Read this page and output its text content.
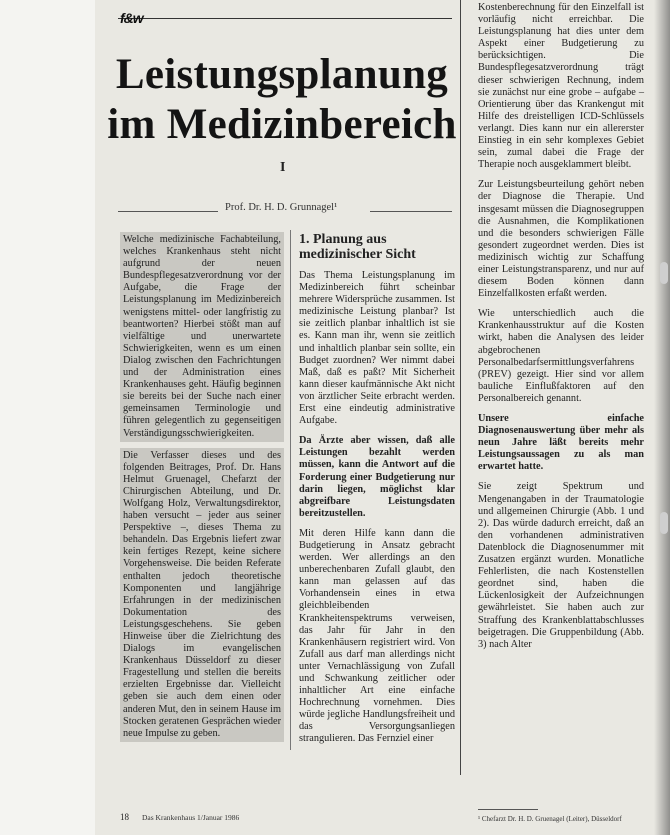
f&w
Leistungsplanung
im Medizinbereich
I
Prof. Dr. H. D. Grunnagel¹

Welche medizinische Fachabteilung, welches Krankenhaus steht nicht aufgrund der neuen Bundespflegesatzverordnung vor der Aufgabe, die Frage der Leistungsplanung im Medizinbereich wenigstens mittel- oder langfristig zu beantworten? Hierbei stößt man auf vielfältige und unerwartete Schwierigkeiten, wenn es um einen Dialog zwischen den Fachrichtungen und der Administration eines Krankenhauses geht. Häufig beginnen sie bereits bei der Suche nach einer gemeinsamen Terminologie und führen gelegentlich zu gegenseitigen Verständigungsschwierigkeiten.

Die Verfasser dieses und des folgenden Beitrages, Prof. Dr. Hans Helmut Gruenagel, Chefarzt der Chirurgischen Abteilung, und Dr. Wolfgang Holz, Verwaltungsdirektor, haben versucht – jeder aus seiner Perspektive –, dieses Thema zu behandeln. Das Ergebnis liefert zwar kein fertiges Rezept, keine sichere Vorgehensweise. Die beiden Referate enthalten jedoch theoretische Komponenten und langjährige Erfahrungen in der medizinischen Dokumentation des Leistungsgeschehens. Sie geben Hinweise über die Zielrichtung des Dialogs im evangelischen Krankenhaus Düsseldorf zu dieser Fragestellung und stellen die bereits erzielten Ergebnisse dar. Vielleicht geben sie auch dem einen oder anderen Mut, den in seinem Hause im Stocken geratenen Gesprächen wieder neue Impulse zu geben.

1. Planung aus medizinischer Sicht

Das Thema Leistungsplanung im Medizinbereich führt scheinbar mehrere Widersprüche zusammen. Ist medizinische Leistung planbar? Ist sie zeitlich planbar inhaltlich ist sie es. Kann man ihr, wenn sie zeitlich und inhaltlich planbar sein sollte, ein Budget zuordnen? Wer nimmt dabei Maß, daß es paßt? Mit Sicherheit kann dieser kaufmännische Akt nicht von ärztlicher Seite erbracht werden. Erst eine eindeutig administrative Aufgabe.

Da Ärzte aber wissen, daß alle Leistungen bezahlt werden müssen, kann die Antwort auf die Forderung einer Budgetierung nur darin liegen, möglichst klar abgreifbare Leistungsdaten bereitzustellen.

Mit deren Hilfe kann dann die Budgetierung in Ansatz gebracht werden. Wer allerdings an den unberechenbaren Zufall glaubt, den kann man gelassen auf das Vorhandensein eines in etwa gleichbleibenden Krankheitenspektrums verweisen, das Jahr für Jahr in den Krankenhäusern registriert wird. Von Zufall aus darf man allerdings nicht unter Vernachlässigung von Zufall und Schwankung zeitlicher oder inhaltlicher Art eine einfache Hochrechnung vornehmen. Dies würde jegliche Handlungsfreiheit und das Versorgungsanliegen strangulieren. Das Fernziel einer

Kostenberechnung für den Einzelfall ist vorläufig nicht erreichbar. Die Leistungsplanung hat dies unter dem Aspekt einer Budgetierung zu berücksichtigen. Die Bundespflegesatzverordnung trägt dieser schwierigen Rechnung, indem sie zunächst nur eine grobe – aufgabe – Orientierung über das Krankengut mit Hilfe des dreistelligen ICD-Schlüssels verlangt. Dies kann nur ein allererster Einstieg in ein sehr komplexes Gebiet sein, zumal dabei die Frage der Therapie noch ausgeklammert bleibt.

Zur Leistungsbeurteilung gehört neben der Diagnose die Therapie. Und insgesamt müssen die Diagnosegruppen die Ausnahmen, die Komplikationen und die besonders schwierigen Fälle gesondert zugeordnet werden. Dies ist medizinisch wichtig zur Schaffung einer Leistungstransparenz, und nur auf diesem Boden können dann Einzelfallkosten erfaßt werden.

Wie unterschiedlich auch die Krankenhausstruktur auf die Kosten wirkt, haben die Analysen des leider abgebrochenen Personalbedarfsermittlungsverfahrens (PREV) gezeigt. Hier sind vor allem bauliche Einflußfaktoren auf den Personalbereich genannt.

Unsere einfache Diagnosenauswertung über mehr als neun Jahre läßt bereits mehr Leistungsaussagen zu als man erwartet hatte.

Sie zeigt Spektrum und Mengenangaben in der Traumatologie und allgemeinen Chirurgie (Abb. 1 und 2). Das würde dadurch erreicht, daß an den vorhandenen administrativen Datenblock die Diagnosenummer mit Zusatzen ergänzt wurden. Monatliche Fehlerlisten, die nach Kostenstellen geordnet sind, haben die Lückenlosigkeit der Aufzeichnungen gewährleistet. Sie haben auch zur Straffung des Krankenblattabschlusses beigetragen. Die Gruppenbildung (Abb. 3) nach Alter

18 Das Krankenhaus 1/Januar 1986	¹ Chefarzt Dr. H. D. Gruenagel (Leiter), Düsseldorf
